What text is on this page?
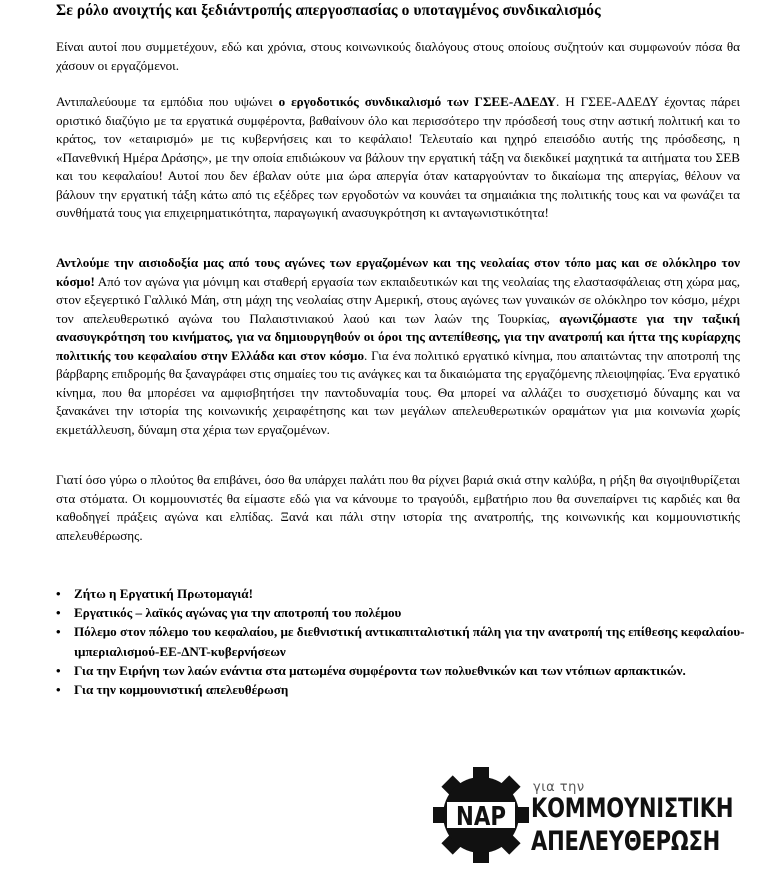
Σε ρόλο ανοιχτής και ξεδιάντροπής απεργοσπασίας ο υποταγμένος συνδικαλισμός

Είναι αυτοί που συμμετέχουν, εδώ και χρόνια, στους κοινωνικούς διαλόγους στους οποίους συζητούν και συμφωνούν πόσα θα χάσουν οι εργαζόμενοι.

Αντιπαλεύουμε τα εμπόδια που υψώνει ο εργοδοτικός συνδικαλισμό των ΓΣΕΕ-ΑΔΕΔΥ. Η ΓΣΕΕ-ΑΔΕΔΥ έχοντας πάρει οριστικό διαζύγιο με τα εργατικά συμφέροντα, βαθαίνουν όλο και περισσότερο την πρόσδεσή τους στην αστική πολιτική και το κράτος, τον «εταιρισμό» με τις κυβερνήσεις και το κεφάλαιο! Τελευταίο και ηχηρό επεισόδιο αυτής της πρόσδεσης, η «Πανεθνική Ημέρα Δράσης», με την οποία επιδιώκουν να βάλουν την εργατική τάξη να διεκδικεί μαχητικά τα αιτήματα του ΣΕΒ και του κεφαλαίου! Αυτοί που δεν έβαλαν ούτε μια ώρα απεργία όταν καταργούνταν το δικαίωμα της απεργίας, θέλουν να βάλουν την εργατική τάξη κάτω από τις εξέδρες των εργοδοτών να κουνάει τα σημαιάκια της πολιτικής τους και να φωνάζει τα συνθήματά τους για επιχειρηματικότητα, παραγωγική ανασυγκρότηση κι ανταγωνιστικότητα!

Αντλούμε την αισιοδοξία μας από τους αγώνες των εργαζομένων και της νεολαίας στον τόπο μας και σε ολόκληρο τον κόσμο! Από τον αγώνα για μόνιμη και σταθερή εργασία των εκπαιδευτικών και της νεολαίας της ελαστασφάλειας στη χώρα μας, στον εξεγερτικό Γαλλικό Μάη, στη μάχη της νεολαίας στην Αμερική, στους αγώνες των γυναικών σε ολόκληρο τον κόσμο, μέχρι τον απελευθερωτικό αγώνα του Παλαιστινιακού λαού και των λαών της Τουρκίας, αγωνιζόμαστε για την ταξική ανασυγκρότηση του κινήματος, για να δημιουργηθούν οι όροι της αντεπίθεσης, για την ανατροπή και ήττα της κυρίαρχης πολιτικής του κεφαλαίου στην Ελλάδα και στον κόσμο. Για ένα πολιτικό εργατικό κίνημα, που απαιτώντας την αποτροπή της βάρβαρης επιδρομής θα ξαναγράφει στις σημαίες του τις ανάγκες και τα δικαιώματα της εργαζόμενης πλειοψηφίας. Ένα εργατικό κίνημα, που θα μπορέσει να αμφισβητήσει την παντοδυναμία τους. Θα μπορεί να αλλάζει το συσχετισμό δύναμης και να ξανακάνει την ιστορία της κοινωνικής χειραφέτησης και των μεγάλων απελευθερωτικών οραμάτων για μια κοινωνία χωρίς εκμετάλλευση, δύναμη στα χέρια των εργαζομένων.

Γιατί όσο γύρω ο πλούτος θα επιβάνει, όσο θα υπάρχει παλάτι που θα ρίχνει βαριά σκιά στην καλύβα, η ρήξη θα σιγοψιθυρίζεται στα στόματα. Οι κομμουνιστές θα είμαστε εδώ για να κάνουμε το τραγούδι, εμβατήριο που θα συνεπαίρνει τις καρδιές και θα καθοδηγεί πράξεις αγώνα και ελπίδας. Ξανά και πάλι στην ιστορία της ανατροπής, της κοινωνικής και κομμουνιστικής απελευθέρωσης.

• Ζήτω η Εργατική Πρωτομαγιά!
• Εργατικός – λαϊκός αγώνας για την αποτροπή του πολέμου
• Πόλεμο στον πόλεμο του κεφαλαίου, με διεθνιστική αντικαπιταλιστική πάλη για την ανατροπή της επίθεσης κεφαλαίου-ιμπεριαλισμού-ΕΕ-ΔΝΤ-κυβερνήσεων
• Για την Ειρήνη των λαών ενάντια στα ματωμένα συμφέροντα των πολυεθνικών και των ντόπιων αρπακτικών.
• Για την κομμουνιστική απελευθέρωση
NAP
για την
ΚΟΜΜΟΥΝΙΣΤΙΚΗ
ΑΠΕΛΕΥΘΕΡΩΣΗ
